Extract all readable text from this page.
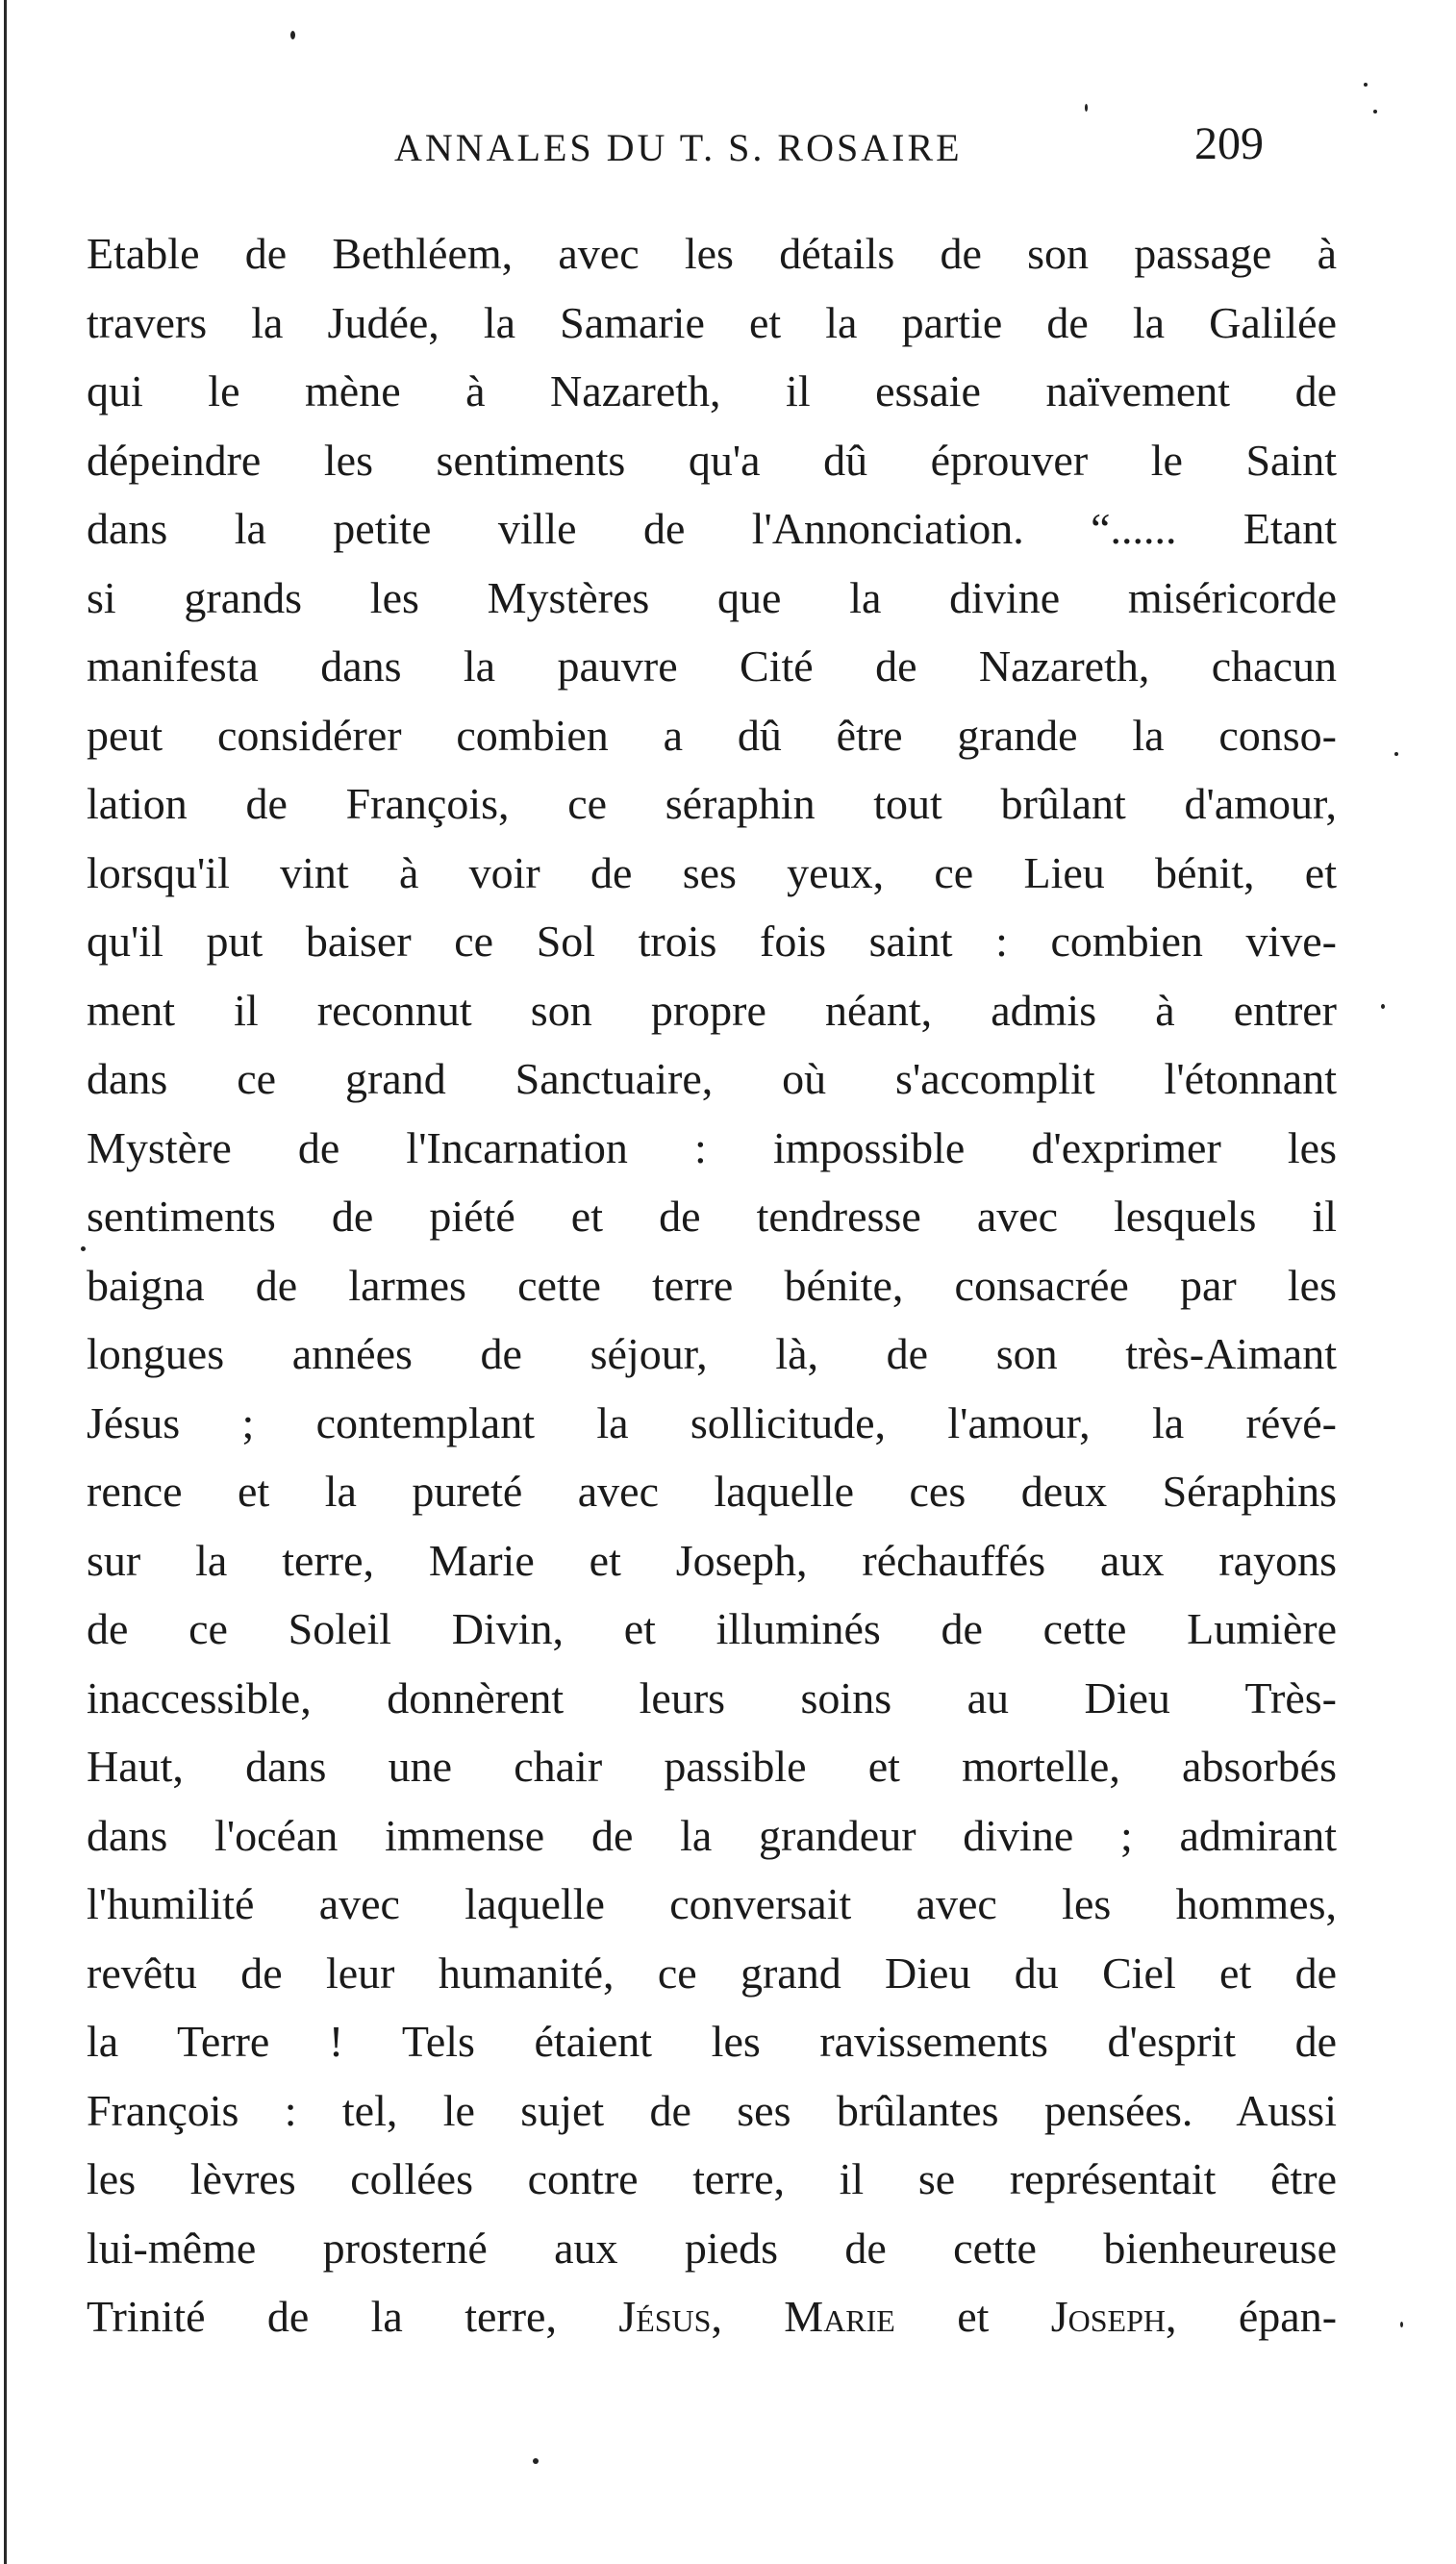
ANNALES DU T. S. ROSAIRE	209
Etable de Bethléem, avec les détails de son passage à
travers la Judée, la Samarie et la partie de la Galilée
qui le mène à Nazareth, il essaie naïvement de
dépeindre les sentiments qu'a dû éprouver le Saint
dans la petite ville de l'Annonciation. “...... Etant
si grands les Mystères que la divine miséricorde
manifesta dans la pauvre Cité de Nazareth, chacun
peut considérer combien a dû être grande la conso-
lation de François, ce séraphin tout brûlant d'amour,
lorsqu'il vint à voir de ses yeux, ce Lieu bénit, et
qu'il put baiser ce Sol trois fois saint : combien vive-
ment il reconnut son propre néant, admis à entrer
dans ce grand Sanctuaire, où s'accomplit l'étonnant
Mystère de l'Incarnation : impossible d'exprimer les
sentiments de piété et de tendresse avec lesquels il
baigna de larmes cette terre bénite, consacrée par les
longues années de séjour, là, de son très-Aimant
Jésus ; contemplant la sollicitude, l'amour, la révé-
rence et la pureté avec laquelle ces deux Séraphins
sur la terre, Marie et Joseph, réchauffés aux rayons
de ce Soleil Divin, et illuminés de cette Lumière
inaccessible, donnèrent leurs soins au Dieu Très-
Haut, dans une chair passible et mortelle, absorbés
dans l'océan immense de la grandeur divine ; admirant
l'humilité avec laquelle conversait avec les hommes,
revêtu de leur humanité, ce grand Dieu du Ciel et de
la Terre ! Tels étaient les ravissements d'esprit de
François : tel, le sujet de ses brûlantes pensées. Aussi
les lèvres collées contre terre, il se représentait être
lui-même prosterné aux pieds de cette bienheureuse
Trinité de la terre, Jésus, Marie et Joseph, épan-
